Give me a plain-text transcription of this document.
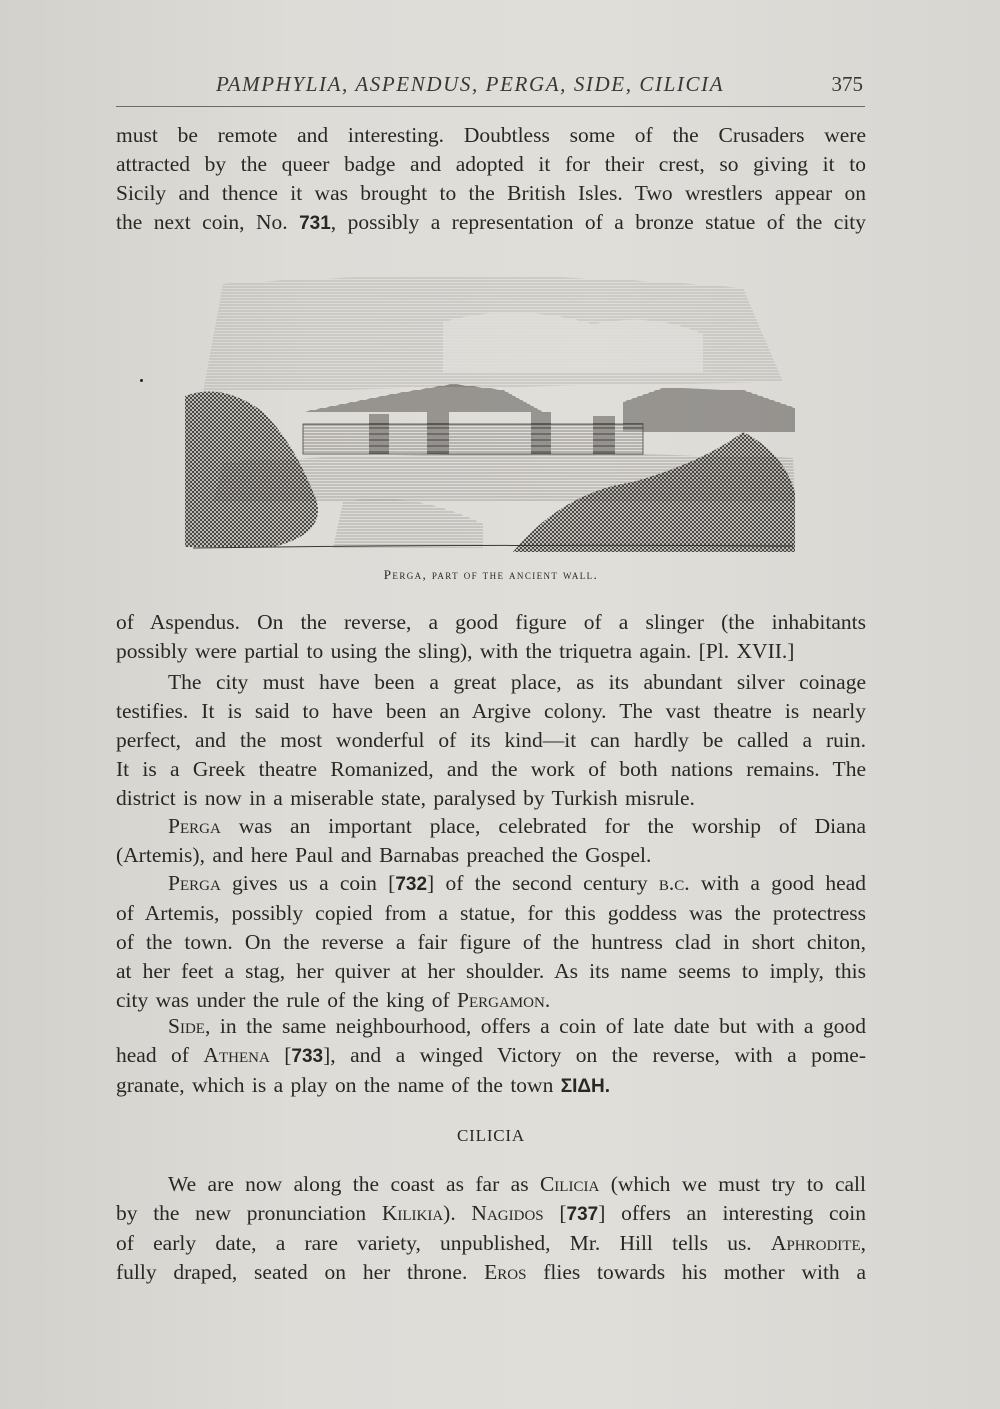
PAMPHYLIA, ASPENDUS, PERGA, SIDE, CILICIA	375
must be remote and interesting. Doubtless some of the Crusaders were
attracted by the queer badge and adopted it for their crest, so giving it to
Sicily and thence it was brought to the British Isles. Two wrestlers appear on
the next coin, No. 731, possibly a representation of a bronze statue of the city
Perga, part of the ancient wall.
of Aspendus. On the reverse, a good figure of a slinger (the inhabitants
possibly were partial to using the sling), with the triquetra again. [Pl. XVII.]
The city must have been a great place, as its abundant silver coinage
testifies. It is said to have been an Argive colony. The vast theatre is nearly
perfect, and the most wonderful of its kind—it can hardly be called a ruin.
It is a Greek theatre Romanized, and the work of both nations remains. The
district is now in a miserable state, paralysed by Turkish misrule.
Perga was an important place, celebrated for the worship of Diana
(Artemis), and here Paul and Barnabas preached the Gospel.
Perga gives us a coin [732] of the second century b.c. with a good head
of Artemis, possibly copied from a statue, for this goddess was the protectress
of the town. On the reverse a fair figure of the huntress clad in short chiton,
at her feet a stag, her quiver at her shoulder. As its name seems to imply, this
city was under the rule of the king of Pergamon.
Side, in the same neighbourhood, offers a coin of late date but with a good
head of Athena [733], and a winged Victory on the reverse, with a pome-
granate, which is a play on the name of the town ΣΙΔΗ.
CILICIA
We are now along the coast as far as Cilicia (which we must try to call
by the new pronunciation Kilikia). Nagidos [737] offers an interesting coin
of early date, a rare variety, unpublished, Mr. Hill tells us. Aphrodite,
fully draped, seated on her throne. Eros flies towards his mother with a
